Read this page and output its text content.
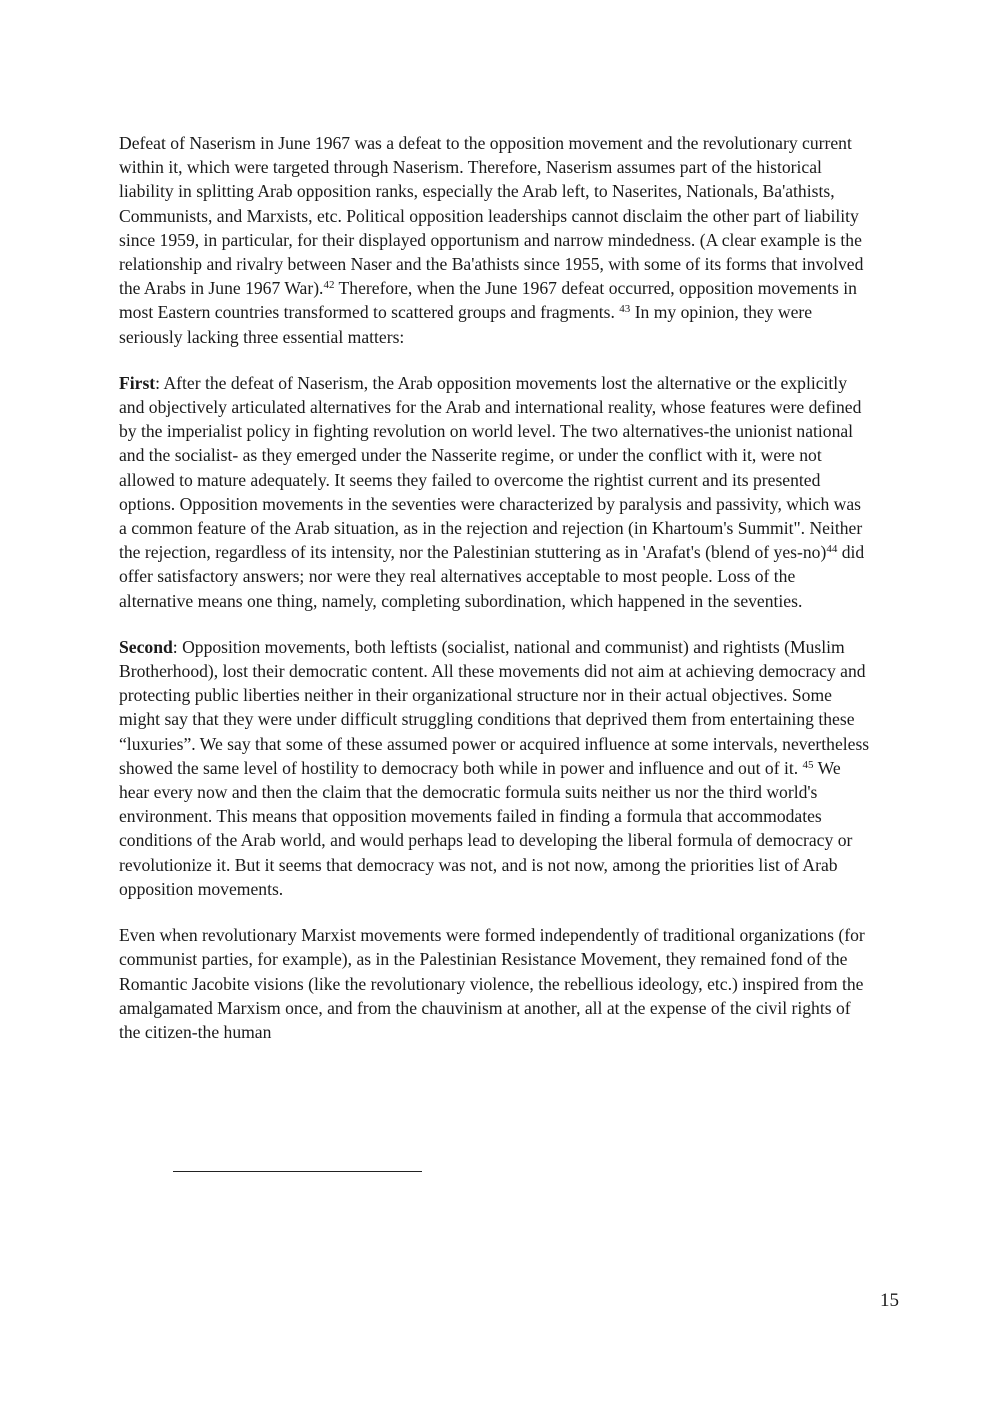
Defeat of Naserism in June 1967 was a defeat to the opposition movement and the revolutionary current within it, which were targeted through Naserism. Therefore, Naserism assumes part of the historical liability in splitting Arab opposition ranks, especially the Arab left, to Naserites, Nationals, Ba'athists, Communists, and Marxists, etc. Political opposition leaderships cannot disclaim the other part of liability since 1959, in particular, for their displayed opportunism and narrow mindedness. (A clear example is the relationship and rivalry between Naser and the Ba'athists since 1955, with some of its forms that involved the Arabs in June 1967 War).$^{42}$ Therefore, when the June 1967 defeat occurred, opposition movements in most Eastern countries transformed to scattered groups and fragments. $^{43}$ In my opinion, they were seriously lacking three essential matters:

First: After the defeat of Naserism, the Arab opposition movements lost the alternative or the explicitly and objectively articulated alternatives for the Arab and international reality, whose features were defined by the imperialist policy in fighting revolution on world level. The two alternatives-the unionist national and the socialist- as they emerged under the Nasserite regime, or under the conflict with it, were not allowed to mature adequately. It seems they failed to overcome the rightist current and its presented options. Opposition movements in the seventies were characterized by paralysis and passivity, which was a common feature of the Arab situation, as in the rejection and rejection (in Khartoum's Summit". Neither the rejection, regardless of its intensity, nor the Palestinian stuttering as in 'Arafat's (blend of yes-no)$^{44}$ did offer satisfactory answers; nor were they real alternatives acceptable to most people. Loss of the alternative means one thing, namely, completing subordination, which happened in the seventies.

Second: Opposition movements, both leftists (socialist, national and communist) and rightists (Muslim Brotherhood), lost their democratic content. All these movements did not aim at achieving democracy and protecting public liberties neither in their organizational structure nor in their actual objectives. Some might say that they were under difficult struggling conditions that deprived them from entertaining these “luxuries”. We say that some of these assumed power or acquired influence at some intervals, nevertheless showed the same level of hostility to democracy both while in power and influence and out of it. $^{45}$ We hear every now and then the claim that the democratic formula suits neither us nor the third world's environment. This means that opposition movements failed in finding a formula that accommodates conditions of the Arab world, and would perhaps lead to developing the liberal formula of democracy or revolutionize it. But it seems that democracy was not, and is not now, among the priorities list of Arab opposition movements.

Even when revolutionary Marxist movements were formed independently of traditional organizations (for communist parties, for example), as in the Palestinian Resistance Movement, they remained fond of the Romantic Jacobite visions (like the revolutionary violence, the rebellious ideology, etc.) inspired from the amalgamated Marxism once, and from the chauvinism at another, all at the expense of the civil rights of the citizen-the human

15
